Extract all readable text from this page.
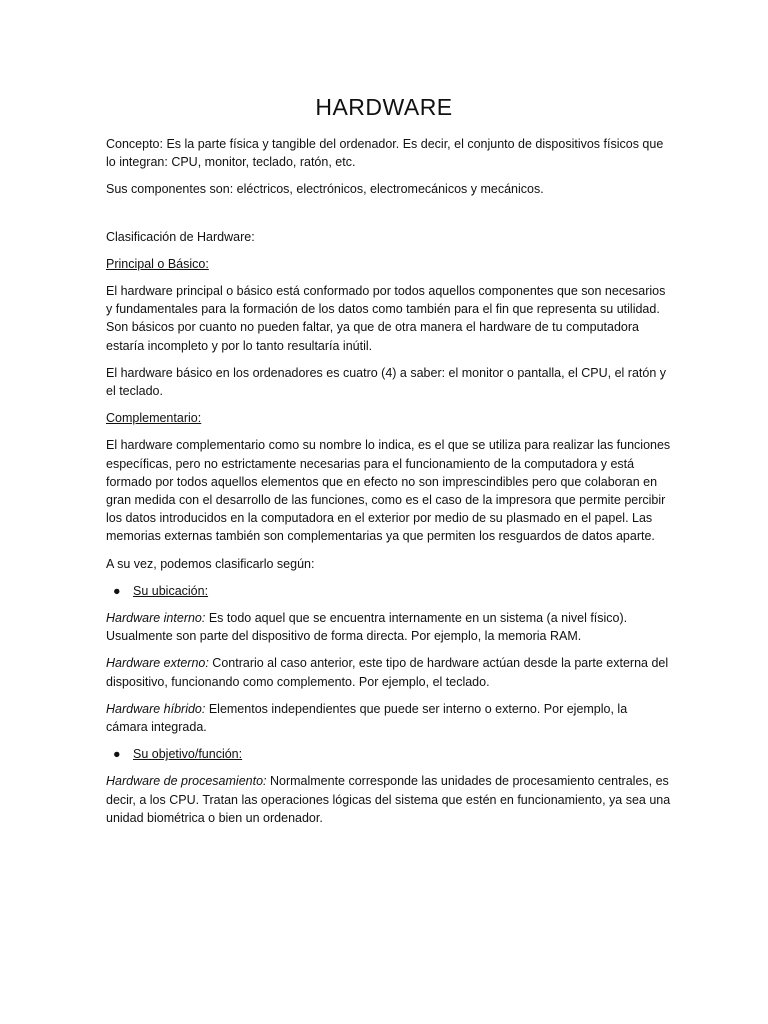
HARDWARE

Concepto: Es la parte física y tangible del ordenador. Es decir, el conjunto de dispositivos físicos que lo integran: CPU, monitor, teclado, ratón, etc.

Sus componentes son: eléctricos, electrónicos, electromecánicos y mecánicos.

Clasificación de Hardware:

Principal o Básico:

El hardware principal o básico está conformado por todos aquellos componentes que son necesarios y fundamentales para la formación de los datos como también para el fin que representa su utilidad. Son básicos por cuanto no pueden faltar, ya que de otra manera el hardware de tu computadora estaría incompleto y por lo tanto resultaría inútil.

El hardware básico en los ordenadores es cuatro (4) a saber: el monitor o pantalla, el CPU, el ratón y el teclado.

Complementario:

El hardware complementario como su nombre lo indica, es el que se utiliza para realizar las funciones específicas, pero no estrictamente necesarias para el funcionamiento de la computadora y está formado por todos aquellos elementos que en efecto no son imprescindibles pero que colaboran en gran medida con el desarrollo de las funciones, como es el caso de la impresora que permite percibir los datos introducidos en la computadora en el exterior por medio de su plasmado en el papel. Las memorias externas también son complementarias ya que permiten los resguardos de datos aparte.

A su vez, podemos clasificarlo según:

● Su ubicación:

Hardware interno: Es todo aquel que se encuentra internamente en un sistema (a nivel físico). Usualmente son parte del dispositivo de forma directa. Por ejemplo, la memoria RAM.

Hardware externo: Contrario al caso anterior, este tipo de hardware actúan desde la parte externa del dispositivo, funcionando como complemento. Por ejemplo, el teclado.

Hardware híbrido: Elementos independientes que puede ser interno o externo. Por ejemplo, la cámara integrada.

● Su objetivo/función:

Hardware de procesamiento: Normalmente corresponde las unidades de procesamiento centrales, es decir, a los CPU. Tratan las operaciones lógicas del sistema que estén en funcionamiento, ya sea una unidad biométrica o bien un ordenador.
